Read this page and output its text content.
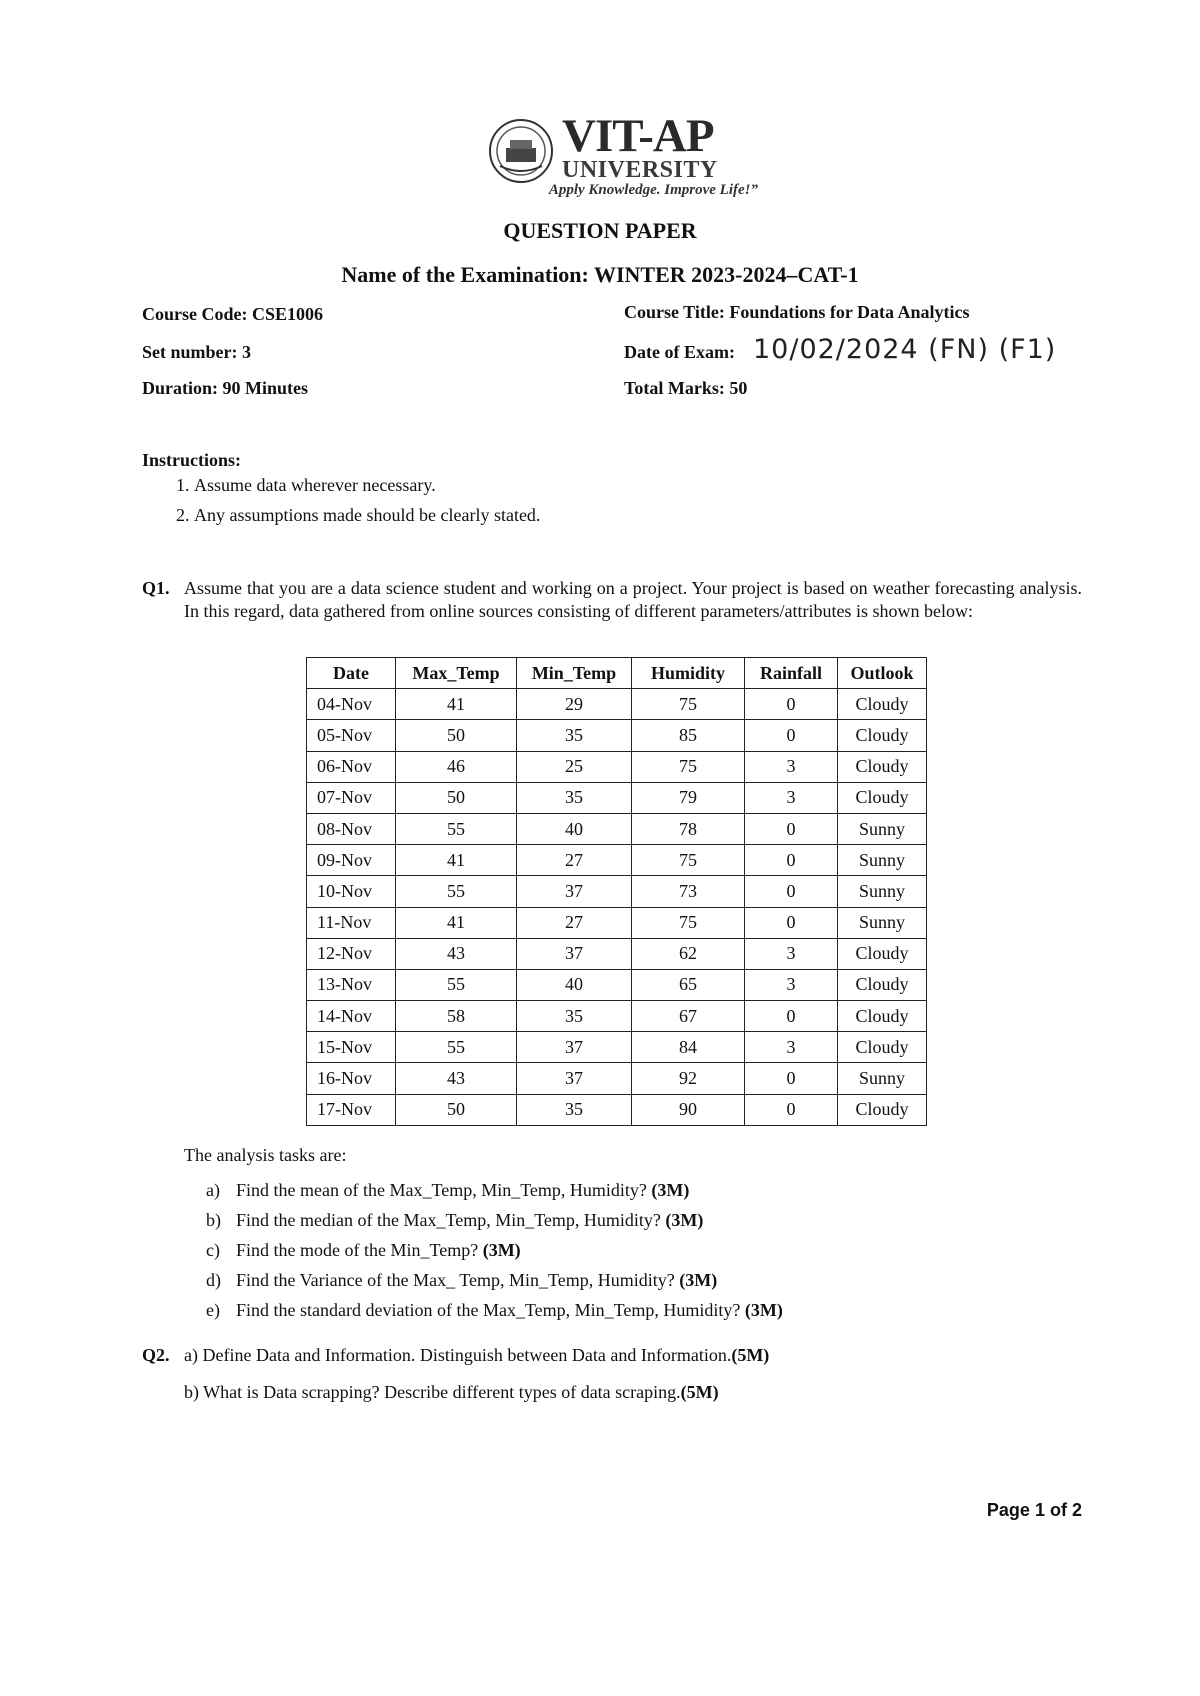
VIT-AP
UNIVERSITY
Apply Knowledge. Improve Life!”
QUESTION PAPER
Name of the Examination: WINTER 2023-2024–CAT-1
Course Code: CSE1006
Set number: 3
Duration: 90 Minutes
Course Title: Foundations for Data Analytics
Date of Exam: 10/02/2024 (FN) (F1)
Total Marks: 50
Instructions:
1. Assume data wherever necessary.
2. Any assumptions made should be clearly stated.
Q1. Assume that you are a data science student and working on a project. Your project is based on weather forecasting analysis. In this regard, data gathered from online sources consisting of different parameters/attributes is shown below:
Date	Max_Temp	Min_Temp	Humidity	Rainfall	Outlook
04-Nov	41	29	75	0	Cloudy
05-Nov	50	35	85	0	Cloudy
06-Nov	46	25	75	3	Cloudy
07-Nov	50	35	79	3	Cloudy
08-Nov	55	40	78	0	Sunny
09-Nov	41	27	75	0	Sunny
10-Nov	55	37	73	0	Sunny
11-Nov	41	27	75	0	Sunny
12-Nov	43	37	62	3	Cloudy
13-Nov	55	40	65	3	Cloudy
14-Nov	58	35	67	0	Cloudy
15-Nov	55	37	84	3	Cloudy
16-Nov	43	37	92	0	Sunny
17-Nov	50	35	90	0	Cloudy
The analysis tasks are:
a) Find the mean of the Max_Temp, Min_Temp, Humidity? (3M)
b) Find the median of the Max_Temp, Min_Temp, Humidity? (3M)
c) Find the mode of the Min_Temp? (3M)
d) Find the Variance of the Max_ Temp, Min_Temp, Humidity? (3M)
e) Find the standard deviation of the Max_Temp, Min_Temp, Humidity? (3M)
Q2. a) Define Data and Information. Distinguish between Data and Information.(5M)
b) What is Data scrapping? Describe different types of data scraping.(5M)
Page 1 of 2
